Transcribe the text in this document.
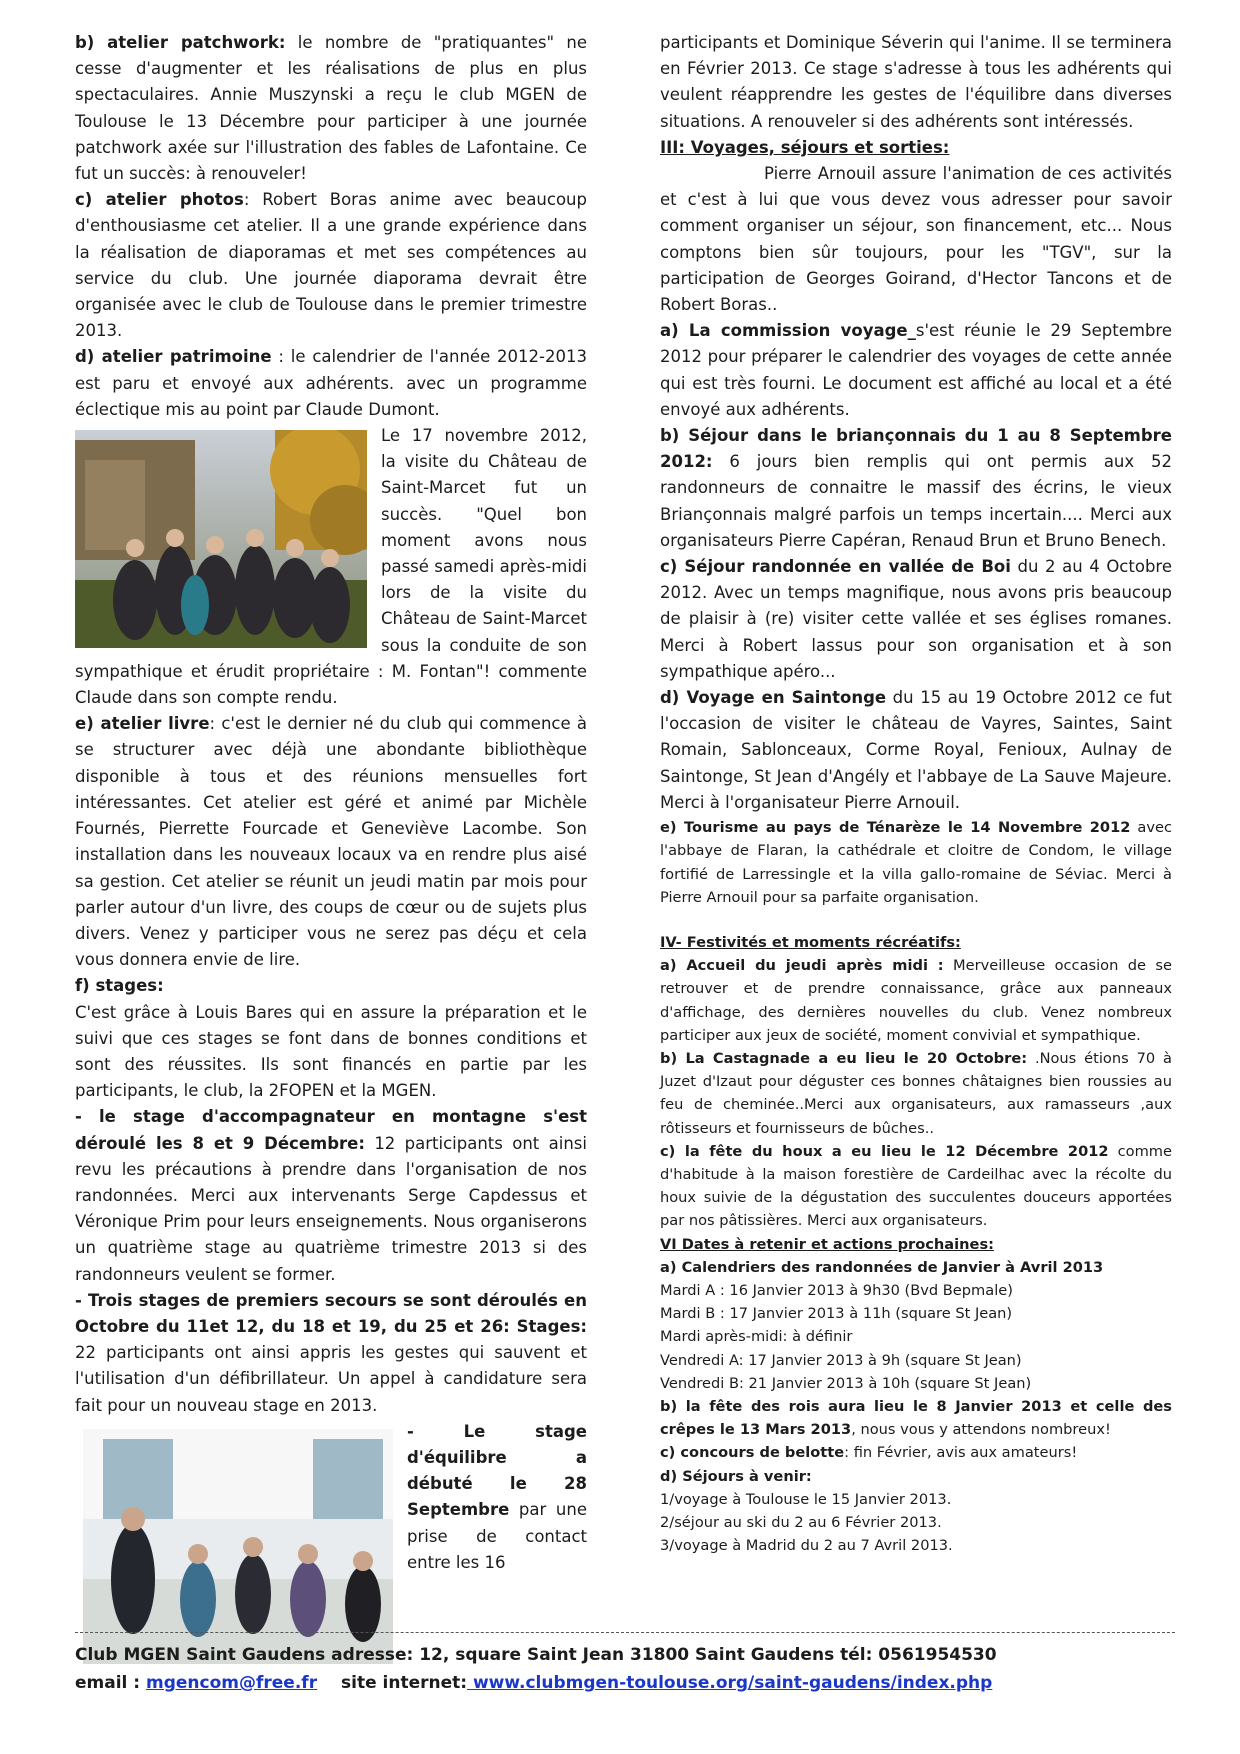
b) atelier patchwork: le nombre de "pratiquantes" ne cesse d'augmenter et les réalisations de plus en plus spectaculaires. Annie Muszynski a reçu le club MGEN de Toulouse le 13 Décembre pour participer à une journée patchwork axée sur l'illustration des fables de Lafontaine. Ce fut un succès: à renouveler!

c) atelier photos: Robert Boras anime avec beaucoup d'enthousiasme cet atelier. Il a une grande expérience dans la réalisation de diaporamas et met ses compétences au service du club. Une journée diaporama devrait être organisée avec le club de Toulouse dans le premier trimestre 2013.

d) atelier patrimoine : le calendrier de l'année 2012-2013 est paru et envoyé aux adhérents. avec un programme éclectique mis au point par Claude Dumont.

Le 17 novembre 2012, la visite du Château de Saint-Marcet fut un succès. "Quel bon moment avons nous passé samedi après-midi lors de la visite du Château de Saint-Marcet sous la conduite de son sympathique et érudit propriétaire : M. Fontan"! commente Claude dans son compte rendu.

e) atelier livre: c'est le dernier né du club qui commence à se structurer avec déjà une abondante bibliothèque disponible à tous et des réunions mensuelles fort intéressantes. Cet atelier est géré et animé par Michèle Fournés, Pierrette Fourcade et Geneviève Lacombe. Son installation dans les nouveaux locaux va en rendre plus aisé sa gestion. Cet atelier se réunit un jeudi matin par mois pour parler autour d'un livre, des coups de cœur ou de sujets plus divers. Venez y participer vous ne serez pas déçu et cela vous donnera envie de lire.

f) stages:

C'est grâce à Louis Bares qui en assure la préparation et le suivi que ces stages se font dans de bonnes conditions et sont des réussites. Ils sont financés en partie par les participants, le club, la 2FOPEN et la MGEN.

- le stage d'accompagnateur en montagne s'est déroulé les 8 et 9 Décembre: 12 participants ont ainsi revu les précautions à prendre dans l'organisation de nos randonnées. Merci aux intervenants Serge Capdessus et Véronique Prim pour leurs enseignements. Nous organiserons un quatrième stage au quatrième trimestre 2013 si des randonneurs veulent se former.

- Trois stages de premiers secours se sont déroulés en Octobre du 11et 12, du 18 et 19, du 25 et 26: Stages: 22 participants ont ainsi appris les gestes qui sauvent et l'utilisation d'un défibrillateur. Un appel à candidature sera fait pour un nouveau stage en 2013.

- Le stage d'équilibre a débuté le 28 Septembre par une prise de contact entre les 16

participants et Dominique Séverin qui l'anime. Il se terminera en Février 2013. Ce stage s'adresse à tous les adhérents qui veulent réapprendre les gestes de l'équilibre dans diverses situations. A renouveler si des adhérents sont intéressés.

III: Voyages, séjours et sorties:

Pierre Arnouil assure l'animation de ces activités et c'est à lui que vous devez vous adresser pour savoir comment organiser un séjour, son financement, etc... Nous comptons bien sûr toujours, pour les "TGV", sur la participation de Georges Goirand, d'Hector Tancons et de Robert Boras..

a) La commission voyage_s'est réunie le 29 Septembre 2012 pour préparer le calendrier des voyages de cette année qui est très fourni. Le document est affiché au local et a été envoyé aux adhérents.

b) Séjour dans le briançonnais du 1 au 8 Septembre 2012: 6 jours bien remplis qui ont permis aux 52 randonneurs de connaitre le massif des écrins, le vieux Briançonnais malgré parfois un temps incertain.... Merci aux organisateurs Pierre Capéran, Renaud Brun et Bruno Benech.

c) Séjour randonnée en vallée de Boi du 2 au 4 Octobre 2012. Avec un temps magnifique, nous avons pris beaucoup de plaisir à (re) visiter cette vallée et ses églises romanes. Merci à Robert lassus pour son organisation et à son sympathique apéro...

d) Voyage en Saintonge du 15 au 19 Octobre 2012 ce fut l'occasion de visiter le château de Vayres, Saintes, Saint Romain, Sablonceaux, Corme Royal, Fenioux, Aulnay de Saintonge, St Jean d'Angély et l'abbaye de La Sauve Majeure. Merci à l'organisateur Pierre Arnouil.

e) Tourisme au pays de Ténarèze le 14 Novembre 2012 avec l'abbaye de Flaran, la cathédrale et cloitre de Condom, le village fortifié de Larressingle et la villa gallo-romaine de Séviac. Merci à Pierre Arnouil pour sa parfaite organisation.

IV- Festivités et moments récréatifs:

a) Accueil du jeudi après midi : Merveilleuse occasion de se retrouver et de prendre connaissance, grâce aux panneaux d'affichage, des dernières nouvelles du club. Venez nombreux participer aux jeux de société, moment convivial et sympathique.

b) La Castagnade a eu lieu le 20 Octobre: .Nous étions 70 à Juzet d'Izaut pour déguster ces bonnes châtaignes bien roussies au feu de cheminée..Merci aux organisateurs, aux ramasseurs ,aux rôtisseurs et fournisseurs de bûches..

c) la fête du houx a eu lieu le 12 Décembre 2012 comme d'habitude à la maison forestière de Cardeilhac avec la récolte du houx suivie de la dégustation des succulentes douceurs apportées par nos pâtissières. Merci aux organisateurs.

VI Dates à retenir et actions prochaines:

a) Calendriers des randonnées de Janvier à Avril 2013

Mardi A : 16 Janvier 2013 à 9h30 (Bvd Bepmale)

Mardi B : 17 Janvier 2013 à 11h (square St Jean)

Mardi après-midi: à définir

Vendredi A: 17 Janvier 2013 à 9h (square St Jean)

Vendredi B: 21 Janvier 2013 à 10h (square St Jean)

b) la fête des rois aura lieu le 8 Janvier 2013 et celle des crêpes le 13 Mars 2013, nous vous y attendons nombreux!

c) concours de belotte: fin Février, avis aux amateurs!

d) Séjours à venir:

1/voyage à Toulouse le 15 Janvier 2013.

2/séjour au ski du 2 au 6 Février 2013.

3/voyage à Madrid du 2 au 7 Avril 2013.

Club MGEN Saint Gaudens adresse: 12, square Saint Jean 31800 Saint Gaudens tél: 0561954530
email : mgencom@free.fr site internet: www.clubmgen-toulouse.org/saint-gaudens/index.php
